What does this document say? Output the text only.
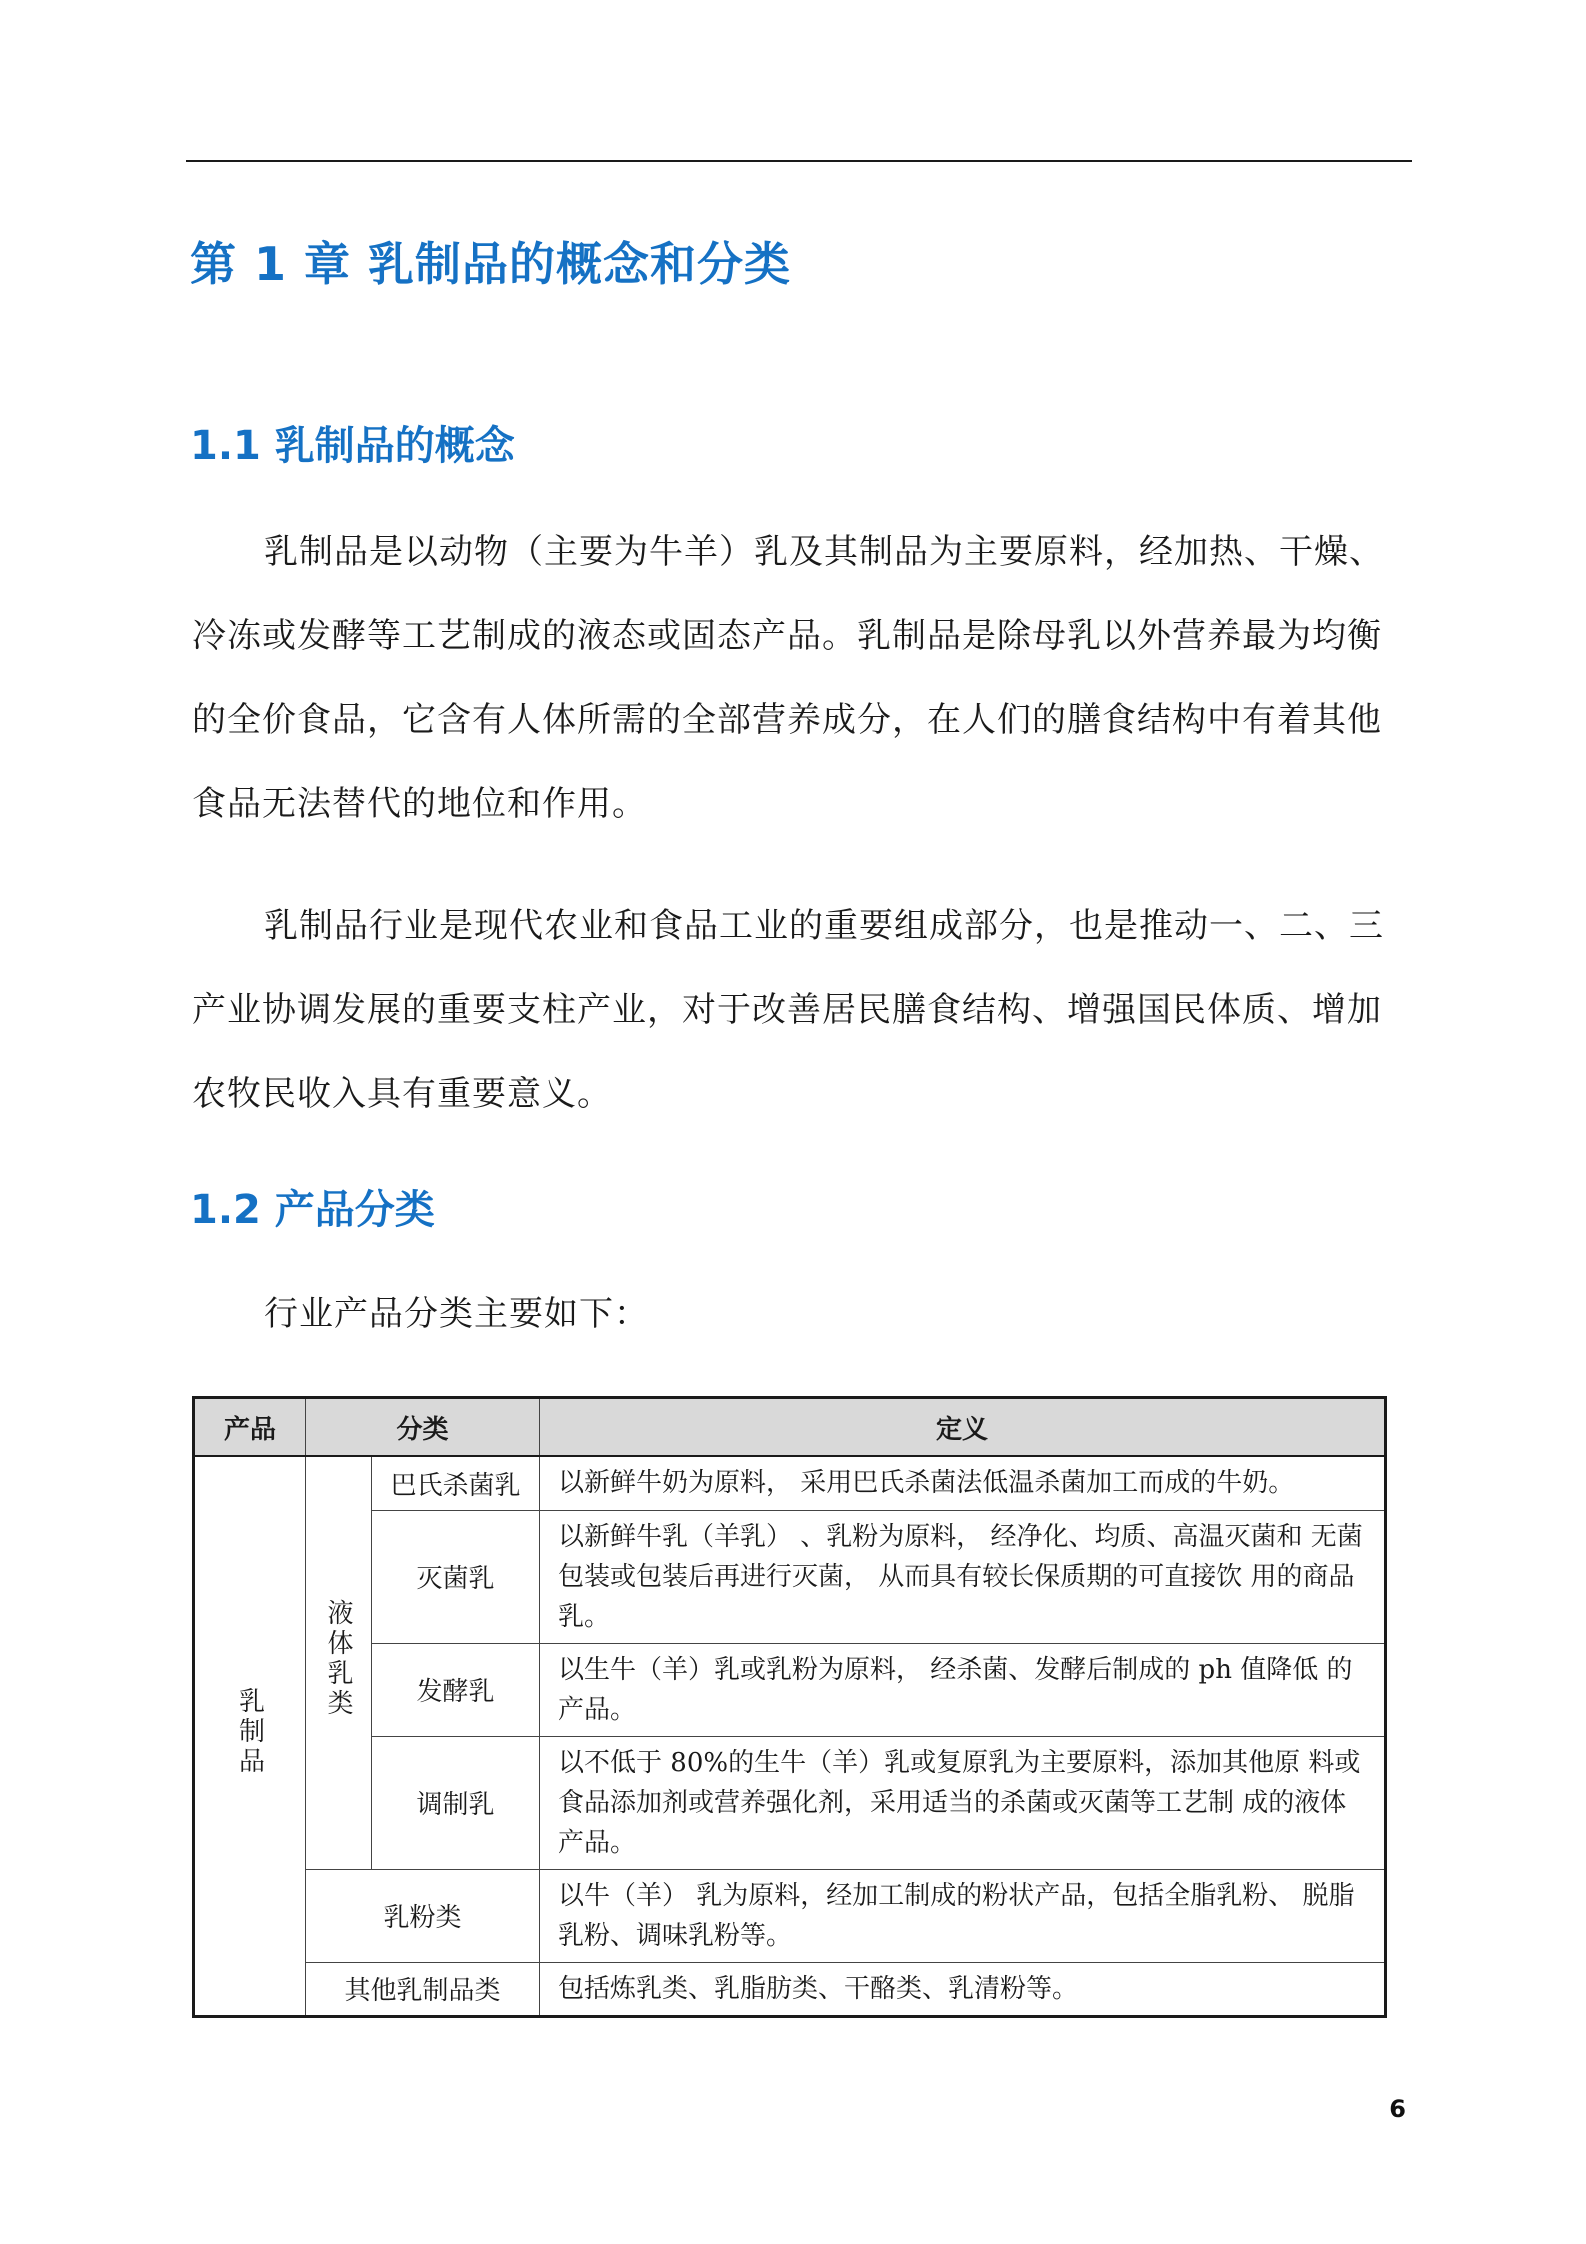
第 1 章 乳制品的概念和分类
1.1 乳制品的概念

乳制品是以动物（主要为牛羊）乳及其制品为主要原料，经加热、干燥、冷冻或发酵等工艺制成的液态或固态产品。乳制品是除母乳以外营养最为均衡的全价食品，它含有人体所需的全部营养成分，在人们的膳食结构中有着其他食品无法替代的地位和作用。

乳制品行业是现代农业和食品工业的重要组成部分，也是推动一、二、三产业协调发展的重要支柱产业，对于改善居民膳食结构、增强国民体质、增加农牧民收入具有重要意义。

1.2 产品分类

行业产品分类主要如下：

产品	分类		定义
乳制品	液体乳类	巴氏杀菌乳	以新鲜牛奶为原料， 采用巴氏杀菌法低温杀菌加工而成的牛奶。
		灭菌乳	以新鲜牛乳（羊乳） 、乳粉为原料， 经净化、均质、高温灭菌和 无菌包装或包装后再进行灭菌， 从而具有较长保质期的可直接饮 用的商品乳。
		发酵乳	以生牛（羊）乳或乳粉为原料， 经杀菌、发酵后制成的 ph 值降低 的产品。
		调制乳	以不低于 80%的生牛（羊）乳或复原乳为主要原料，添加其他原 料或食品添加剂或营养强化剂，采用适当的杀菌或灭菌等工艺制 成的液体产品。
	乳粉类		以牛（羊） 乳为原料，经加工制成的粉状产品，包括全脂乳粉、 脱脂乳粉、调味乳粉等。
	其他乳制品类		包括炼乳类、乳脂肪类、干酪类、乳清粉等。
6
